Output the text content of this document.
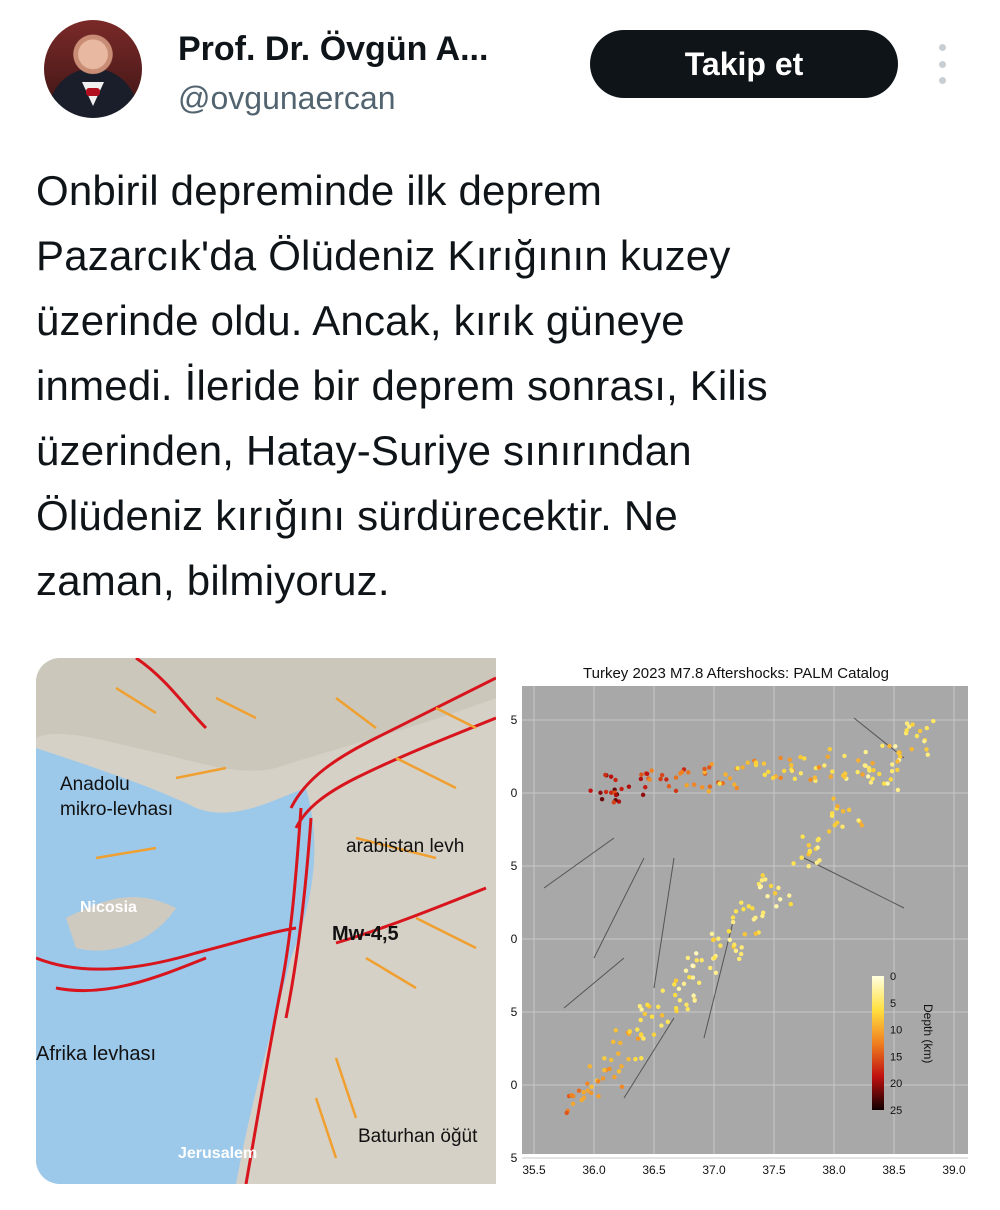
Prof. Dr. Övgün A...
@ovgunaercan
Takip et
Onbiril depreminde ilk deprem
Pazarcık'da Ölüdeniz Kırığının kuzey
üzerinde oldu. Ancak, kırık güneye
inmedi. İleride bir deprem sonrası, Kilis
üzerinden, Hatay-Suriye sınırından
Ölüdeniz kırığını sürdürecektir. Ne
zaman, bilmiyoruz.
Anadolu
mikro-levhası
arabistan levh
Nicosia
Mw-4,5
Afrika levhası
Baturhan öğüt
Jerusalem
Turkey 2023 M7.8 Aftershocks: PALM Catalog
35.5	36.0	36.5	37.0	37.5	38.0	38.5	39.0
5
0
5
0
5
0
5
0
5
10
15
20
25
Depth (km)
